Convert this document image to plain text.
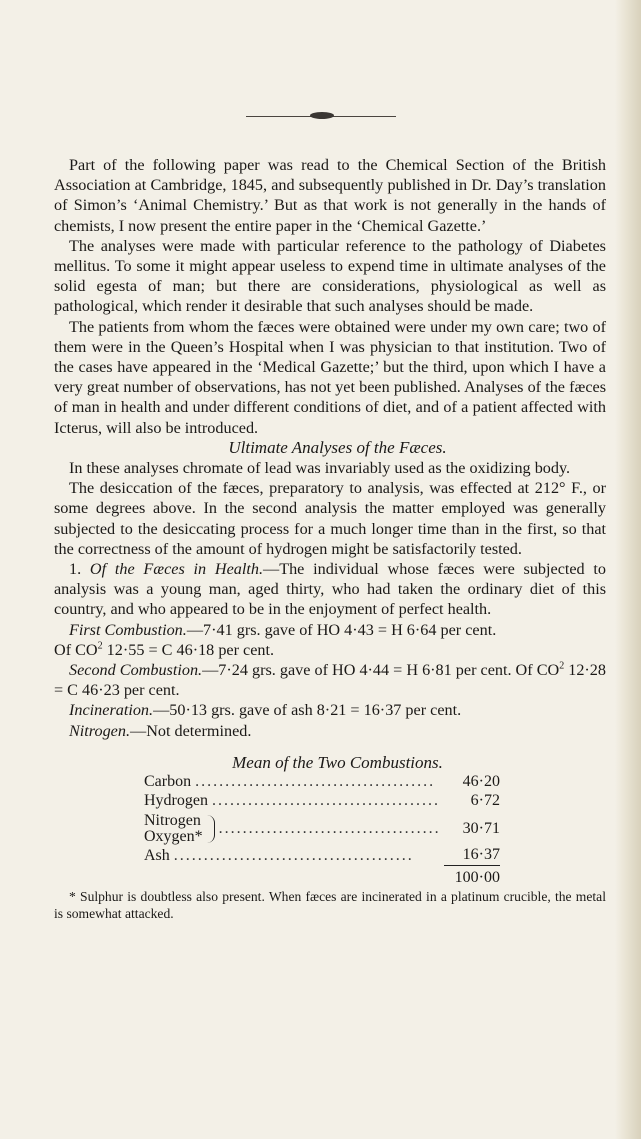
Part of the following paper was read to the Chemical Section of the British Association at Cambridge, 1845, and subsequently published in Dr. Day’s translation of Simon’s ‘Animal Chemistry.’ But as that work is not generally in the hands of chemists, I now present the entire paper in the ‘Chemical Gazette.’

The analyses were made with particular reference to the pathology of Diabetes mellitus. To some it might appear useless to expend time in ultimate analyses of the solid egesta of man; but there are considerations, physiological as well as pathological, which render it desirable that such analyses should be made.

The patients from whom the fæces were obtained were under my own care; two of them were in the Queen’s Hospital when I was physician to that institution. Two of the cases have appeared in the ‘Medical Gazette;’ but the third, upon which I have a very great number of observations, has not yet been published. Analyses of the fæces of man in health and under different conditions of diet, and of a patient affected with Icterus, will also be introduced.

Ultimate Analyses of the Fæces.

In these analyses chromate of lead was invariably used as the oxidizing body.

The desiccation of the fæces, preparatory to analysis, was effected at 212° F., or some degrees above. In the second analysis the matter employed was generally subjected to the desiccating process for a much longer time than in the first, so that the correctness of the amount of hydrogen might be satisfactorily tested.

1. Of the Fæces in Health.—The individual whose fæces were subjected to analysis was a young man, aged thirty, who had taken the ordinary diet of this country, and who appeared to be in the enjoyment of perfect health.

First Combustion.—7·41 grs. gave of HO 4·43 = H 6·64 per cent.

Of $CO^2$ 12·55 = C 46·18 per cent.

Second Combustion.—7·24 grs. gave of HO 4·44 = H 6·81 per cent. Of $CO^2$ 12·28 = C 46·23 per cent.

Incineration.—50·13 grs. gave of ash 8·21 = 16·37 per cent.

Nitrogen.—Not determined.

Mean of the Two Combustions.

Carbon . . .	46·20
Hydrogen . . .	6·72
Nitrogen
Oxygen* . . .	30·71
Ash . . .	16·37
100·00

* Sulphur is doubtless also present. When fæces are incinerated in a platinum crucible, the metal is somewhat attacked.
